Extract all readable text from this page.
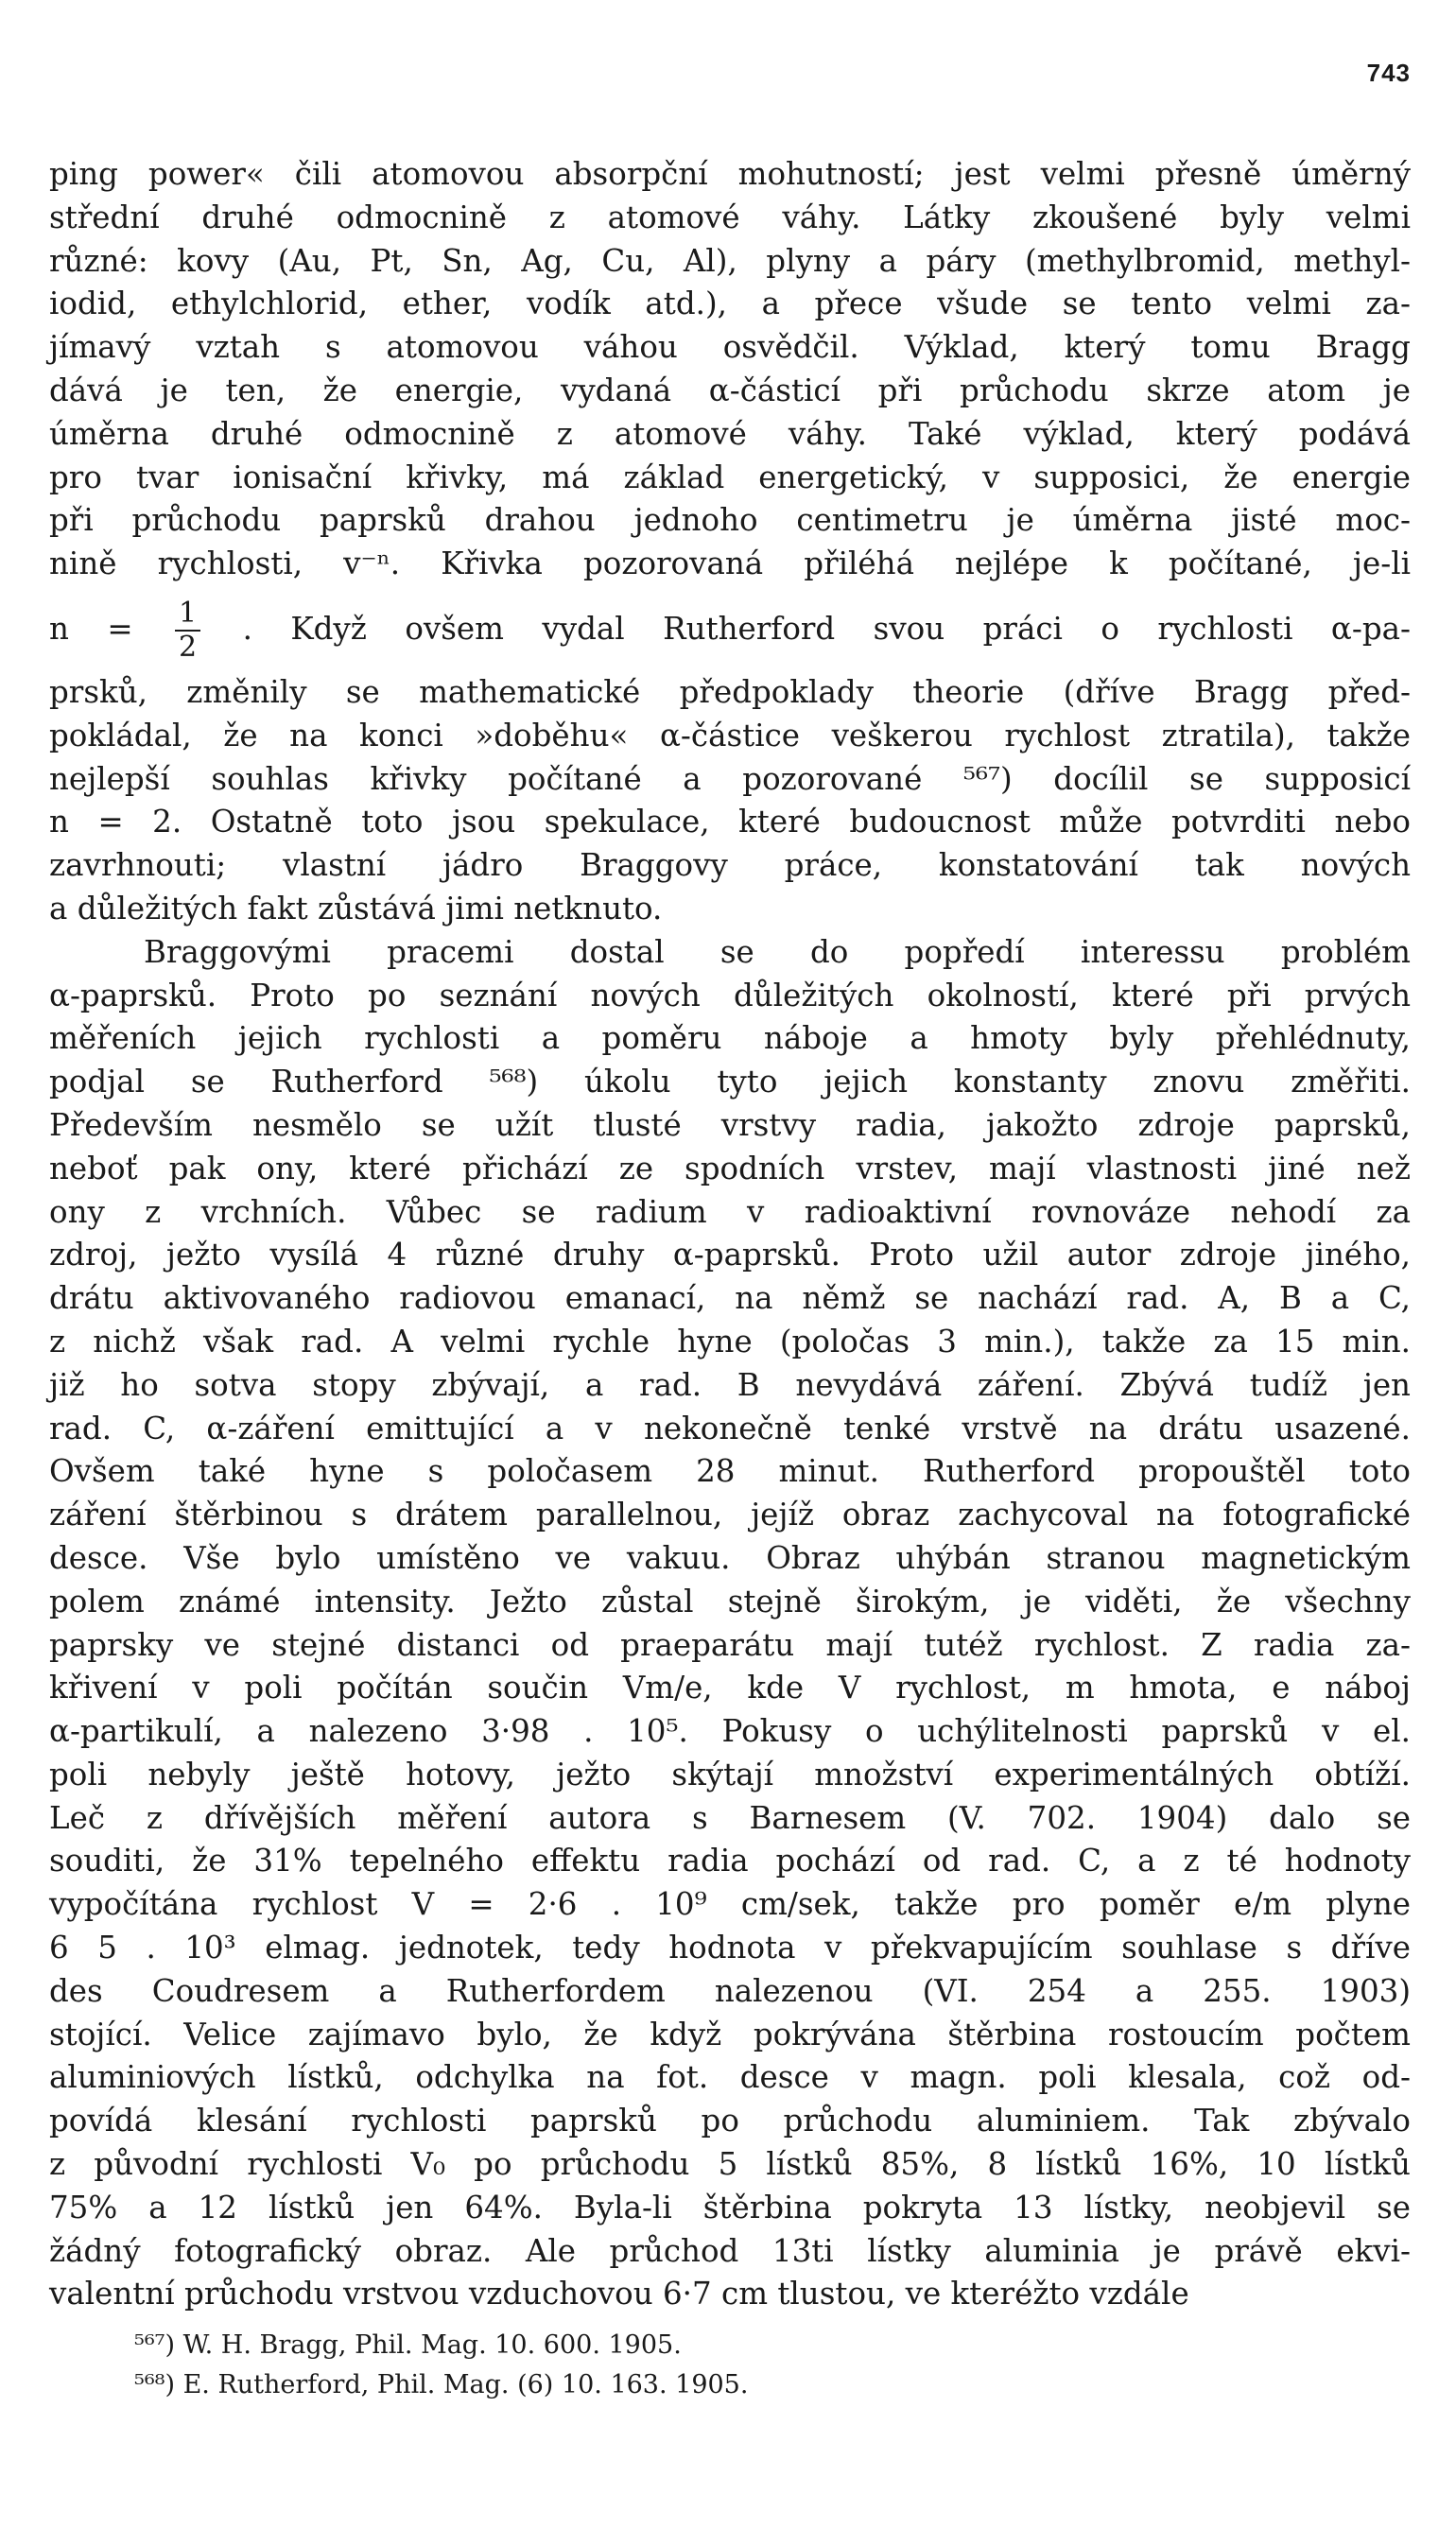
743
ping power« čili atomovou absorpční mohutností; jest velmi přesně úměrný
střední druhé odmocnině z atomové váhy. Látky zkoušené byly velmi
různé: kovy (Au, Pt, Sn, Ag, Cu, Al), plyny a páry (methylbromid, methyl-
iodid, ethylchlorid, ether, vodík atd.), a přece všude se tento velmi za-
jímavý vztah s atomovou váhou osvědčil. Výklad, který tomu Bragg
dává je ten, že energie, vydaná α-částicí při průchodu skrze atom je
úměrna druhé odmocnině z atomové váhy. Také výklad, který podává
pro tvar ionisační křivky, má základ energetický, v supposici, že energie
při průchodu paprsků drahou jednoho centimetru je úměrna jisté moc-
nině rychlosti, v⁻ⁿ. Křivka pozorovaná přiléhá nejlépe k počítané, je-li
$n = \frac{1}{2}$ . Když ovšem vydal Rutherford svou práci o rychlosti α-pa-
prsků, změnily se mathematické předpoklady theorie (dříve Bragg před-
pokládal, že na konci »doběhu« α-částice veškerou rychlost ztratila), takže
nejlepší souhlas křivky počítané a pozorované ⁵⁶⁷) docílil se supposicí
n = 2. Ostatně toto jsou spekulace, které budoucnost může potvrditi nebo
zavrhnouti; vlastní jádro Braggovy práce, konstatování tak nových
a důležitých fakt zůstává jimi netknuto.
Braggovými pracemi dostal se do popředí interessu problém
α-paprsků. Proto po seznání nových důležitých okolností, které při prvých
měřeních jejich rychlosti a poměru náboje a hmoty byly přehlédnuty,
podjal se Rutherford ⁵⁶⁸) úkolu tyto jejich konstanty znovu změřiti.
Především nesmělo se užít tlusté vrstvy radia, jakožto zdroje paprsků,
neboť pak ony, které přichází ze spodních vrstev, mají vlastnosti jiné než
ony z vrchních. Vůbec se radium v radioaktivní rovnováze nehodí za
zdroj, ježto vysílá 4 různé druhy α-paprsků. Proto užil autor zdroje jiného,
drátu aktivovaného radiovou emanací, na němž se nachází rad. A, B a C,
z nichž však rad. A velmi rychle hyne (poločas 3 min.), takže za 15 min.
již ho sotva stopy zbývají, a rad. B nevydává záření. Zbývá tudíž jen
rad. C, α-záření emittující a v nekonečně tenké vrstvě na drátu usazené.
Ovšem také hyne s poločasem 28 minut. Rutherford propouštěl toto
záření štěrbinou s drátem parallelnou, jejíž obraz zachycoval na fotografické
desce. Vše bylo umístěno ve vakuu. Obraz uhýbán stranou magnetickým
polem známé intensity. Ježto zůstal stejně širokým, je viděti, že všechny
paprsky ve stejné distanci od praeparátu mají tutéž rychlost. Z radia za-
křivení v poli počítán součin Vm/e, kde V rychlost, m hmota, e náboj
α-partikulí, a nalezeno 3·98 . 10⁵. Pokusy o uchýlitelnosti paprsků v el.
poli nebyly ještě hotovy, ježto skýtají množství experimentálných obtíží.
Leč z dřívějších měření autora s Barnesem (V. 702. 1904) dalo se
souditi, že 31% tepelného effektu radia pochází od rad. C, a z té hodnoty
vypočítána rychlost V = 2·6 . 10⁹ cm/sek, takže pro poměr e/m plyne
6 5 . 10³ elmag. jednotek, tedy hodnota v překvapujícím souhlase s dříve
des Coudresem a Rutherfordem nalezenou (VI. 254 a 255. 1903)
stojící. Velice zajímavo bylo, že když pokrývána štěrbina rostoucím počtem
aluminiových lístků, odchylka na fot. desce v magn. poli klesala, což od-
povídá klesání rychlosti paprsků po průchodu aluminiem. Tak zbývalo
z původní rychlosti V₀ po průchodu 5 lístků 85%, 8 lístků 16%, 10 lístků
75% a 12 lístků jen 64%. Byla-li štěrbina pokryta 13 lístky, neobjevil se
žádný fotografický obraz. Ale průchod 13ti lístky aluminia je právě ekvi-
valentní průchodu vrstvou vzduchovou 6·7 cm tlustou, ve kteréžto vzdále
⁵⁶⁷) W. H. Bragg, Phil. Mag. 10. 600. 1905.
⁵⁶⁸) E. Rutherford, Phil. Mag. (6) 10. 163. 1905.
